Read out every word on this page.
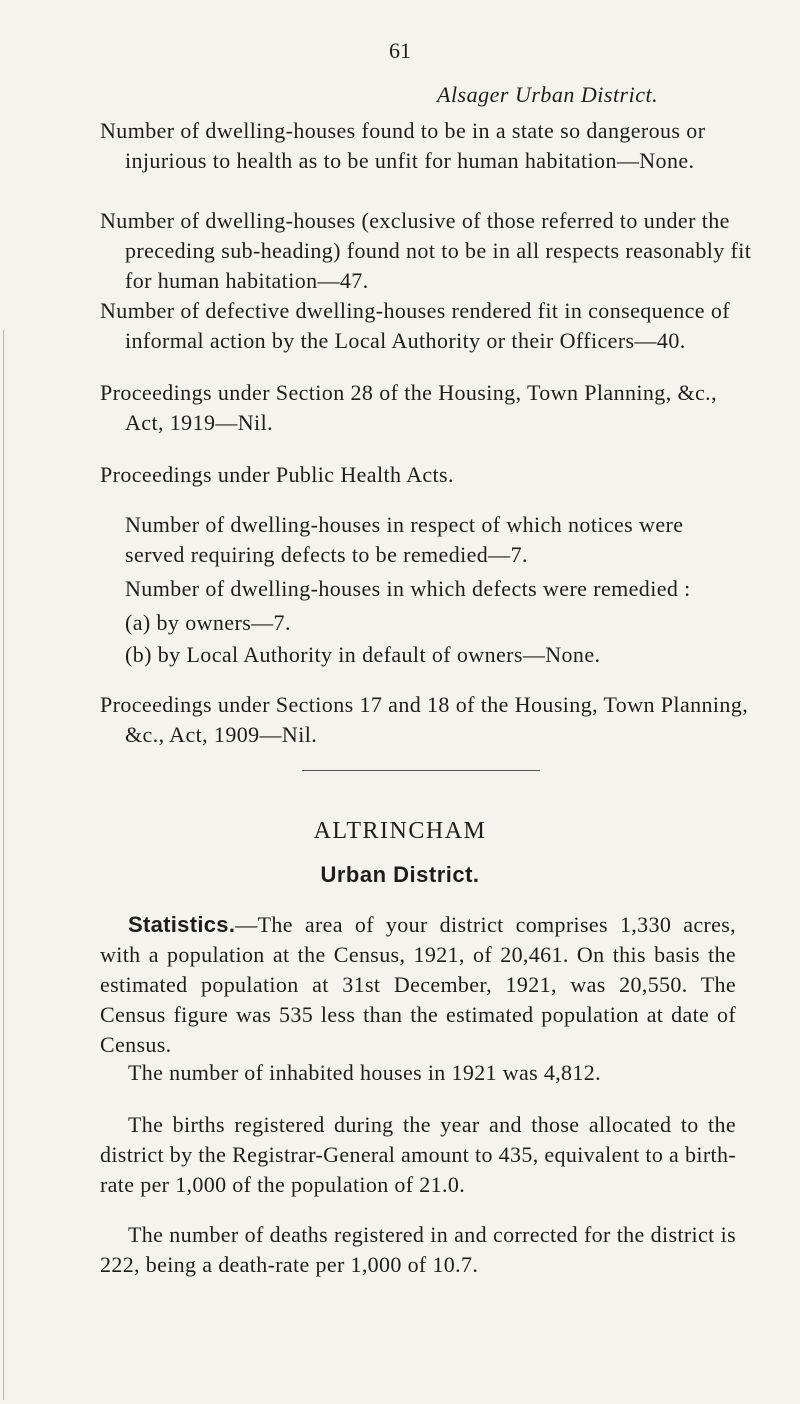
61
Alsager Urban District.
Number of dwelling-houses found to be in a state so dangerous or injurious to health as to be unfit for human habitation—None.
Number of dwelling-houses (exclusive of those referred to under the preceding sub-heading) found not to be in all respects reasonably fit for human habitation—47.
Number of defective dwelling-houses rendered fit in consequence of informal action by the Local Authority or their Officers—40.
Proceedings under Section 28 of the Housing, Town Planning, &c., Act, 1919—Nil.
Proceedings under Public Health Acts.
Number of dwelling-houses in respect of which notices were served requiring defects to be remedied—7.
Number of dwelling-houses in which defects were remedied :
(a) by owners—7.
(b) by Local Authority in default of owners—None.
Proceedings under Sections 17 and 18 of the Housing, Town Planning, &c., Act, 1909—Nil.
ALTRINCHAM
Urban District.
Statistics.—The area of your district comprises 1,330 acres, with a population at the Census, 1921, of 20,461. On this basis the estimated population at 31st December, 1921, was 20,550. The Census figure was 535 less than the estimated population at date of Census.
The number of inhabited houses in 1921 was 4,812.
The births registered during the year and those allocated to the district by the Registrar-General amount to 435, equivalent to a birth-rate per 1,000 of the population of 21.0.
The number of deaths registered in and corrected for the district is 222, being a death-rate per 1,000 of 10.7.
